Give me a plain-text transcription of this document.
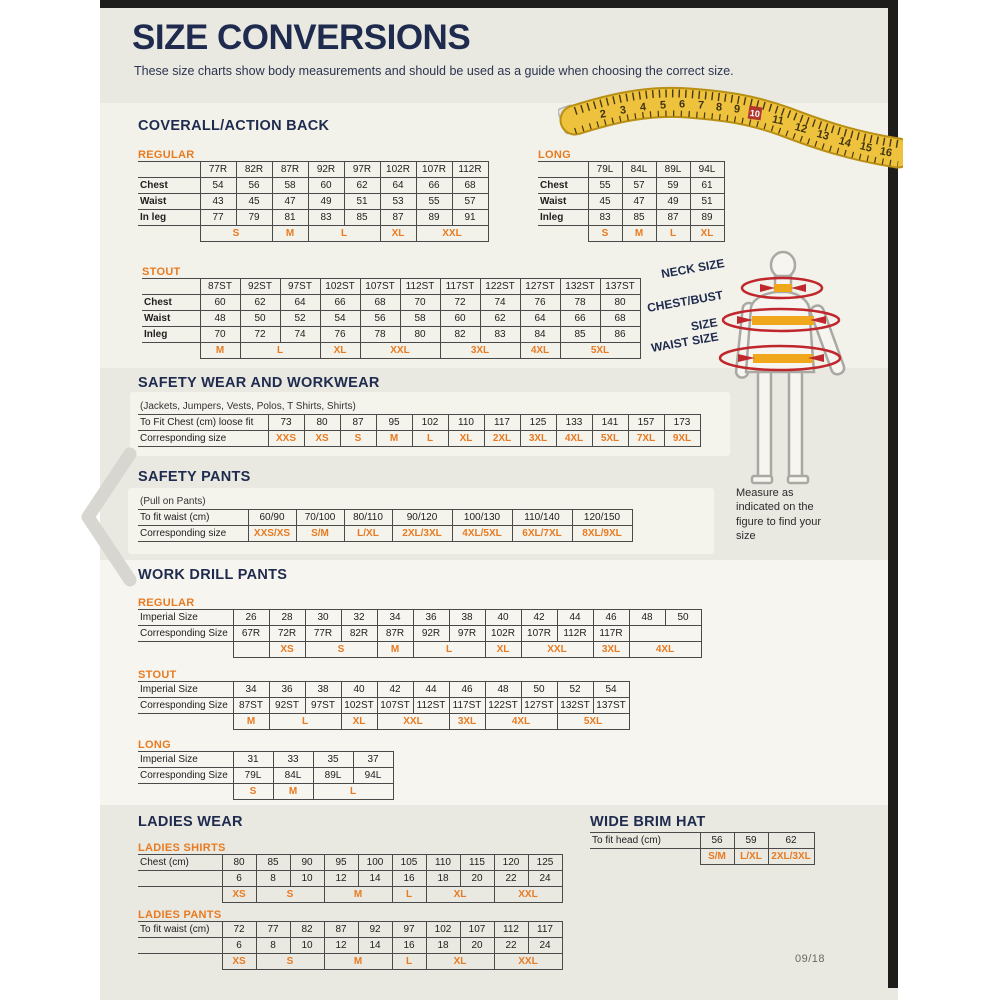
SIZE CONVERSIONS
These size charts show body measurements and should be used as a guide when choosing the correct size.
COVERALL/ACTION BACK
REGULAR
	77R	82R	87R	92R	97R	102R	107R	112R
Chest	54	56	58	60	62	64	66	68
Waist	43	45	47	49	51	53	55	57
In leg	77	79	81	83	85	87	89	91
	S		M	L		XL	XXL	
LONG
	79L	84L	89L	94L
Chest	55	57	59	61
Waist	45	47	49	51
Inleg	83	85	87	89
	S	M	L	XL
STOUT
	87ST	92ST	97ST	102ST	107ST	112ST	117ST	122ST	127ST	132ST	137ST
Chest	60	62	64	66	68	70	72	74	76	78	80
Waist	48	50	52	54	56	58	60	62	64	66	68
Inleg	70	72	74	76	78	80	82	83	84	85	86
	M	L		XL	XXL		3XL		4XL	5XL	
SAFETY WEAR AND WORKWEAR
(Jackets, Jumpers, Vests, Polos, T Shirts, Shirts)
To Fit Chest (cm) loose fit	73	80	87	95	102	110	117	125	133	141	157	173
Corresponding size	XXS	XS	S	M	L	XL	2XL	3XL	4XL	5XL	7XL	9XL
SAFETY PANTS
(Pull on Pants)
To fit waist (cm)	60/90	70/100	80/110	90/120	100/130	110/140	120/150
Corresponding size	XXS/XS	S/M	L/XL	2XL/3XL	4XL/5XL	6XL/7XL	8XL/9XL
WORK DRILL PANTS
REGULAR
Imperial Size	26	28	30	32	34	36	38	40	42	44	46	48	50
Corresponding Size	67R	72R	77R	82R	87R	92R	97R	102R	107R	112R	117R		
		XS	S		M	L		XL	XXL		3XL	4XL	
STOUT
Imperial Size	34	36	38	40	42	44	46	48	50	52	54
Corresponding Size	87ST	92ST	97ST	102ST	107ST	112ST	117ST	122ST	127ST	132ST	137ST
	M	L		XL	XXL		3XL	4XL		5XL	
LONG
Imperial Size	31	33	35	37
Corresponding Size	79L	84L	89L	94L
	S	M	L	
LADIES WEAR
LADIES SHIRTS
Chest (cm)	80	85	90	95	100	105	110	115	120	125
	6	8	10	12	14	16	18	20	22	24
	XS	S		M		L	XL		XXL	
LADIES PANTS
To fit waist (cm)	72	77	82	87	92	97	102	107	112	117
	6	8	10	12	14	16	18	20	22	24
	XS	S		M		L	XL		XXL	
WIDE BRIM HAT
To fit head (cm)	56	59	62
	S/M	L/XL	2XL/3XL
09/18
2 3 4 5 6 7 8 9 10 11
12 13 14 15 16
NECK SIZE
CHEST/BUST
SIZE
WAIST SIZE
Measure as indicated on the figure to find your size
